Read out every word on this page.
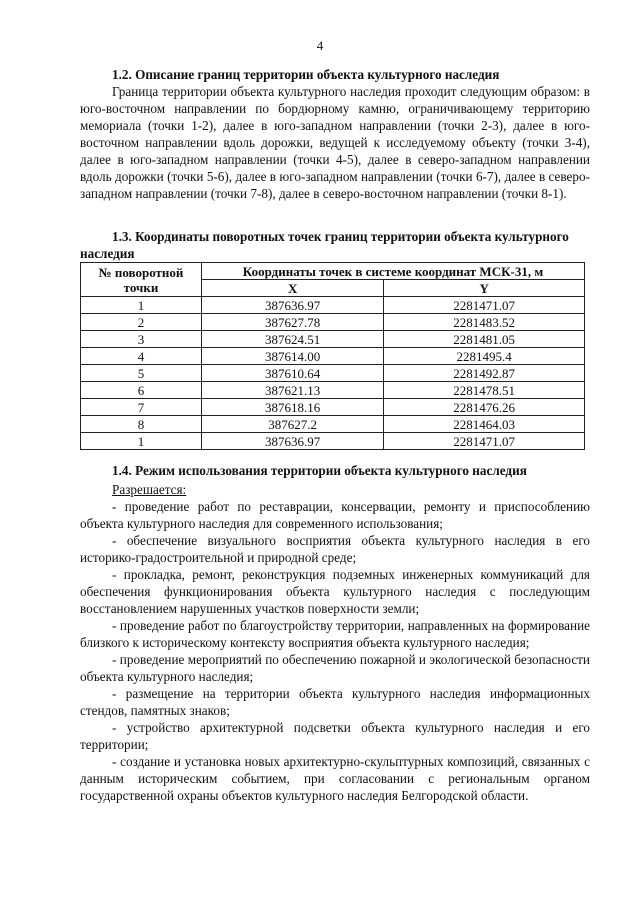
4

1.2. Описание границ территории объекта культурного наследия

Граница территории объекта культурного наследия проходит следующим образом: в юго-восточном направлении по бордюрному камню, ограничивающему территорию мемориала (точки 1-2), далее в юго-западном направлении (точки 2-3), далее в юго-восточном направлении вдоль дорожки, ведущей к исследуемому объекту (точки 3-4), далее в юго-западном направлении (точки 4-5), далее в северо-западном направлении вдоль дорожки (точки 5-6), далее в юго-западном направлении (точки 6-7), далее в северо-западном направлении (точки 7-8), далее в северо-восточном направлении (точки 8-1).

1.3. Координаты поворотных точек границ территории объекта культурного наследия

№ поворотной точки	Координаты точек в системе координат МСК-31, м	
	X	Y
1	387636.97	2281471.07
2	387627.78	2281483.52
3	387624.51	2281481.05
4	387614.00	2281495.4
5	387610.64	2281492.87
6	387621.13	2281478.51
7	387618.16	2281476.26
8	387627.2	2281464.03
1	387636.97	2281471.07

1.4. Режим использования территории объекта культурного наследия

Разрешается:

- проведение работ по реставрации, консервации, ремонту и приспособлению объекта культурного наследия для современного использования;

- обеспечение визуального восприятия объекта культурного наследия в его историко-градостроительной и природной среде;

- прокладка, ремонт, реконструкция подземных инженерных коммуникаций для обеспечения функционирования объекта культурного наследия с последующим восстановлением нарушенных участков поверхности земли;

- проведение работ по благоустройству территории, направленных на формирование близкого к историческому контексту восприятия объекта культурного наследия;

- проведение мероприятий по обеспечению пожарной и экологической безопасности объекта культурного наследия;

- размещение на территории объекта культурного наследия информационных стендов, памятных знаков;

- устройство архитектурной подсветки объекта культурного наследия и его территории;

- создание и установка новых архитектурно-скульптурных композиций, связанных с данным историческим событием, при согласовании с региональным органом государственной охраны объектов культурного наследия Белгородской области.
